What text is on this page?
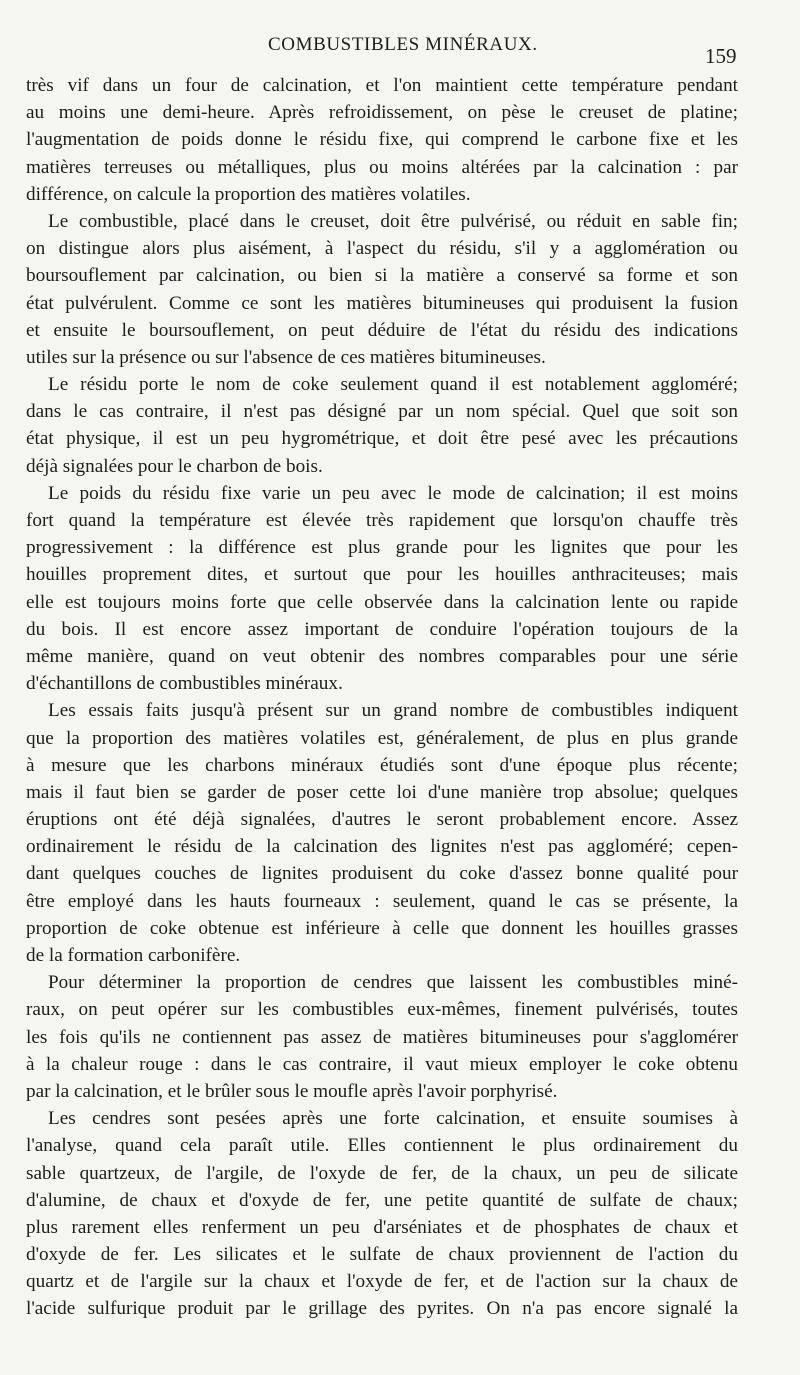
COMBUSTIBLES MINÉRAUX.	159
très vif dans un four de calcination, et l'on maintient cette température pendant
au moins une demi-heure. Après refroidissement, on pèse le creuset de platine;
l'augmentation de poids donne le résidu fixe, qui comprend le carbone fixe et les
matières terreuses ou métalliques, plus ou moins altérées par la calcination : par
différence, on calcule la proportion des matières volatiles.
Le combustible, placé dans le creuset, doit être pulvérisé, ou réduit en sable fin;
on distingue alors plus aisément, à l'aspect du résidu, s'il y a agglomération ou
boursouflement par calcination, ou bien si la matière a conservé sa forme et son
état pulvérulent. Comme ce sont les matières bitumineuses qui produisent la fusion
et ensuite le boursouflement, on peut déduire de l'état du résidu des indications
utiles sur la présence ou sur l'absence de ces matières bitumineuses.
Le résidu porte le nom de coke seulement quand il est notablement aggloméré;
dans le cas contraire, il n'est pas désigné par un nom spécial. Quel que soit son
état physique, il est un peu hygrométrique, et doit être pesé avec les précautions
déjà signalées pour le charbon de bois.
Le poids du résidu fixe varie un peu avec le mode de calcination; il est moins
fort quand la température est élevée très rapidement que lorsqu'on chauffe très
progressivement : la différence est plus grande pour les lignites que pour les
houilles proprement dites, et surtout que pour les houilles anthraciteuses; mais
elle est toujours moins forte que celle observée dans la calcination lente ou rapide
du bois. Il est encore assez important de conduire l'opération toujours de la
même manière, quand on veut obtenir des nombres comparables pour une série
d'échantillons de combustibles minéraux.
Les essais faits jusqu'à présent sur un grand nombre de combustibles indiquent
que la proportion des matières volatiles est, généralement, de plus en plus grande
à mesure que les charbons minéraux étudiés sont d'une époque plus récente;
mais il faut bien se garder de poser cette loi d'une manière trop absolue; quelques
éruptions ont été déjà signalées, d'autres le seront probablement encore. Assez
ordinairement le résidu de la calcination des lignites n'est pas aggloméré; cepen-
dant quelques couches de lignites produisent du coke d'assez bonne qualité pour
être employé dans les hauts fourneaux : seulement, quand le cas se présente, la
proportion de coke obtenue est inférieure à celle que donnent les houilles grasses
de la formation carbonifère.
Pour déterminer la proportion de cendres que laissent les combustibles miné-
raux, on peut opérer sur les combustibles eux-mêmes, finement pulvérisés, toutes
les fois qu'ils ne contiennent pas assez de matières bitumineuses pour s'agglomérer
à la chaleur rouge : dans le cas contraire, il vaut mieux employer le coke obtenu
par la calcination, et le brûler sous le moufle après l'avoir porphyrisé.
Les cendres sont pesées après une forte calcination, et ensuite soumises à
l'analyse, quand cela paraît utile. Elles contiennent le plus ordinairement du
sable quartzeux, de l'argile, de l'oxyde de fer, de la chaux, un peu de silicate
d'alumine, de chaux et d'oxyde de fer, une petite quantité de sulfate de chaux;
plus rarement elles renferment un peu d'arséniates et de phosphates de chaux et
d'oxyde de fer. Les silicates et le sulfate de chaux proviennent de l'action du
quartz et de l'argile sur la chaux et l'oxyde de fer, et de l'action sur la chaux de
l'acide sulfurique produit par le grillage des pyrites. On n'a pas encore signalé la
